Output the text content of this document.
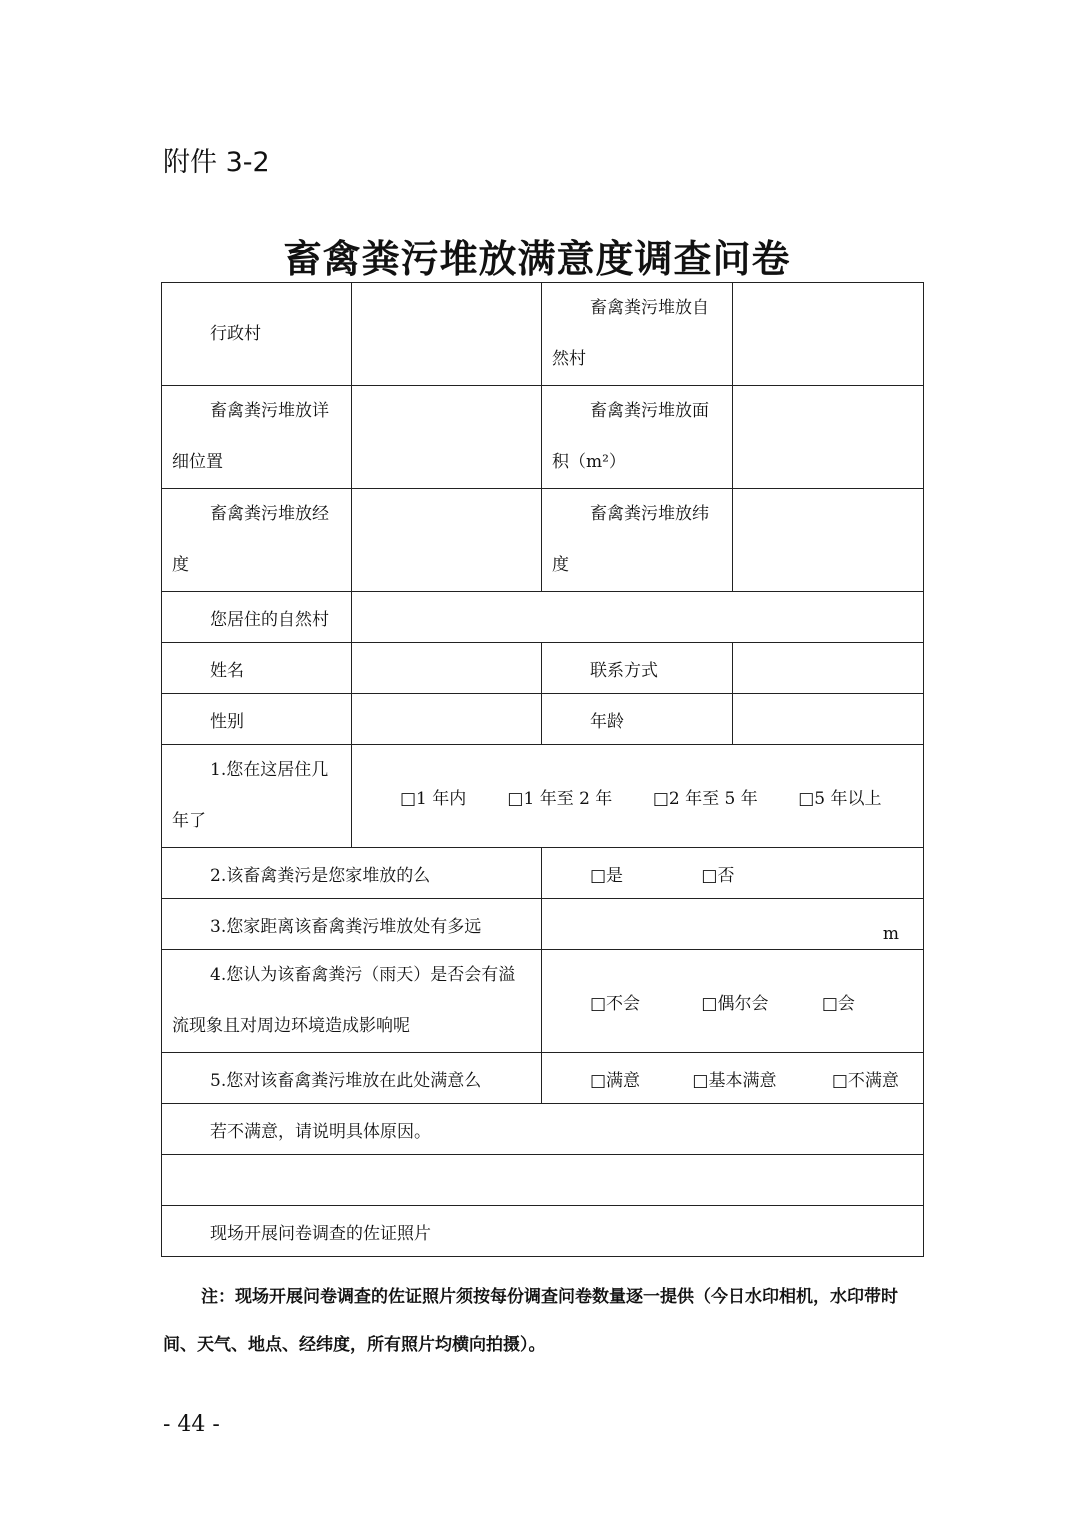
附件 3-2
畜禽粪污堆放满意度调查问卷
行政村		畜禽粪污堆放自然村	

畜禽粪污堆放详细位置		畜禽粪污堆放面积（m²）	

畜禽粪污堆放经度		畜禽粪污堆放纬度	

您居住的自然村			
姓名		联系方式	
性别		年龄	

1.您在这居住几年了	□1 年内 □1 年至 2 年 □2 年至 5 年 □5 年以上		
2.该畜禽粪污是您家堆放的么		□是 □否	
3.您家距离该畜禽粪污堆放处有多远		m	

4.您认为该畜禽粪污（雨天）是否会有溢流现象且对周边环境造成影响呢		□不会 □偶尔会 □会	
5.您对该畜禽粪污堆放在此处满意么		□满意 □基本满意 □不满意	
若不满意，请说明具体原因。			

现场开展问卷调查的佐证照片			
注：现场开展问卷调查的佐证照片须按每份调查问卷数量逐一提供（今日水印相机，水印带时间、天气、地点、经纬度，所有照片均横向拍摄）。
- 44 -
